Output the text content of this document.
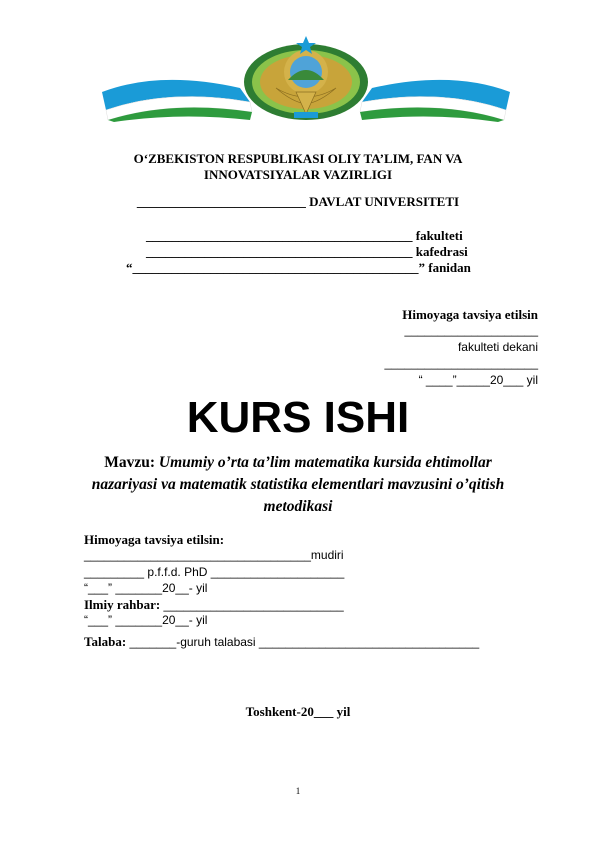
O‘ZBEKISTON RESPUBLIKASI OLIY TA’LIM, FAN VA
INNOVATSIYALAR VAZIRLIGI
__________________________ DAVLAT UNIVERSITETI
_________________________________________ fakulteti
_________________________________________ kafedrasi
“____________________________________________” fanidan
Himoyaga tavsiya etilsin
____________________
fakulteti dekani
_______________________
“ ____”_____20___ yil
KURS ISHI
Mavzu: Umumiy o’rta ta’lim matematika kursida ehtimollar
nazariyasi va matematik statistika elementlari mavzusini o’qitish
metodikasi
Himoyaga tavsiya etilsin:
__________________________________mudiri
_________ p.f.f.d. PhD ____________________
“___” _______20__- yil
Ilmiy rahbar: ___________________________
“___” _______20__- yil
Talaba: _______-guruh talabasi _________________________________
Toshkent-20___ yil
1
